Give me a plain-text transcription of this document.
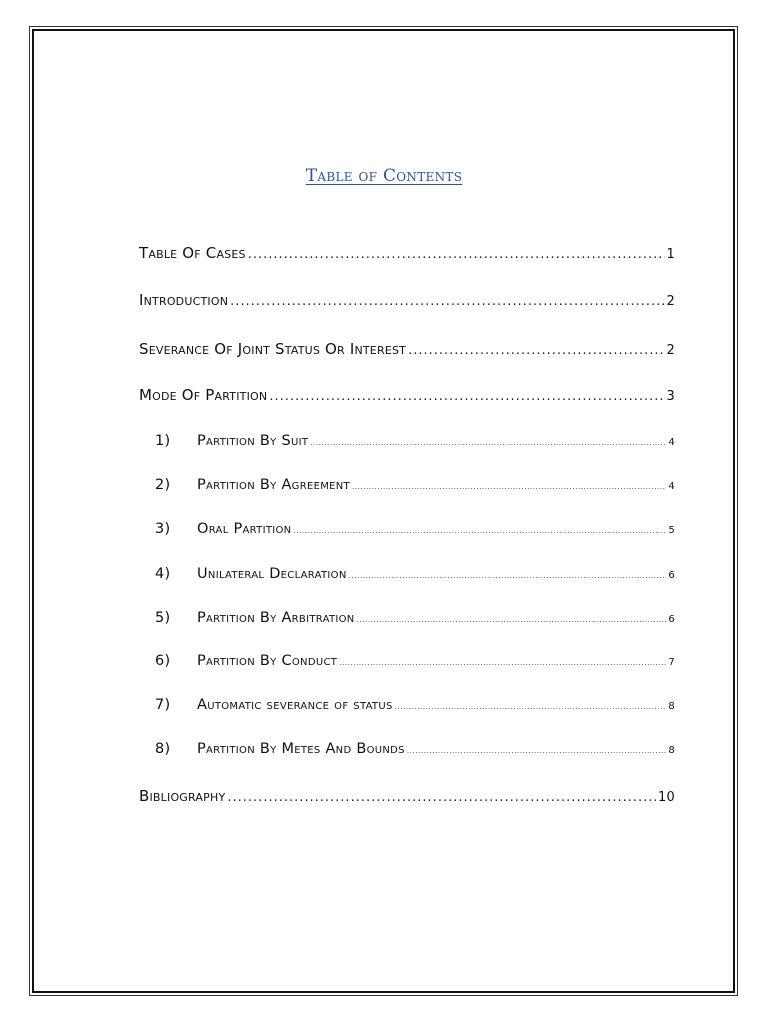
Table of Contents
Table Of Cases .....	1
Introduction .....	2
Severance Of Joint Status Or Interest .....	2
Mode Of Partition .....	3
1)	Partition By Suit .....	4
2)	Partition By Agreement .....	4
3)	Oral Partition .....	5
4)	Unilateral Declaration .....	6
5)	Partition By Arbitration .....	6
6)	Partition By Conduct .....	7
7)	Automatic severance of status .....	8
8)	Partition By Metes And Bounds .....	8
Bibliography .....	10
